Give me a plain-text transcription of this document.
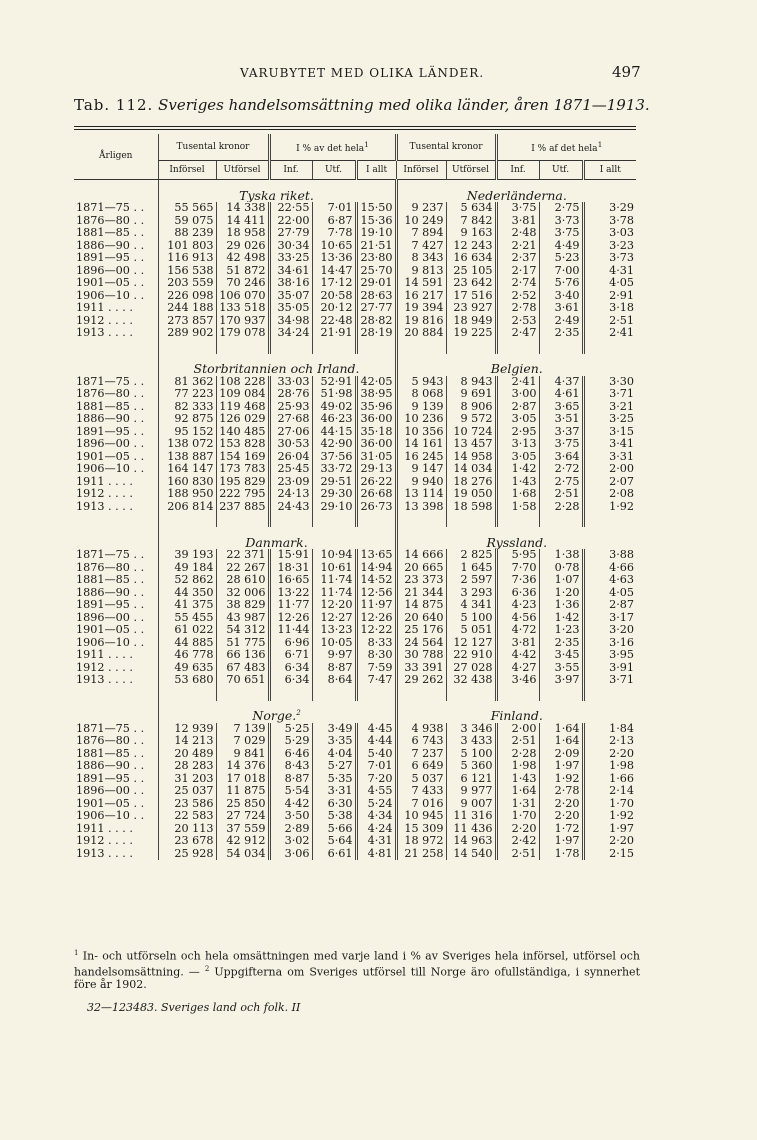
VARUBYTET MED OLIKA LÄNDER.	497
Tab. 112. Sveriges handelsomsättning med olika länder, åren 1871—1913.
Årligen	Tusental kronor		I % av det hela$^1$			Tusental kronor		I % af det hela$^1$
	Införsel	Utförsel	Inf.	Utf.	I allt	Införsel	Utförsel	Inf.	Utf.	I allt
	Tyska riket.					Nederländerna.				
1871—75 . .	55 565	14 338	22·55	7·01	15·50	9 237	5 634	3·75	2·75	3·29
1876—80 . .	59 075	14 411	22·00	6·87	15·36	10 249	7 842	3·81	3·73	3·78
1881—85 . .	88 239	18 958	27·79	7·78	19·10	7 894	9 163	2·48	3·75	3·03
1886—90 . .	101 803	29 026	30·34	10·65	21·51	7 427	12 243	2·21	4·49	3·23
1891—95 . .	116 913	42 498	33·25	13·36	23·80	8 343	16 634	2·37	5·23	3·73
1896—00 . .	156 538	51 872	34·61	14·47	25·70	9 813	25 105	2·17	7·00	4·31
1901—05 . .	203 559	70 246	38·16	17·12	29·01	14 591	23 642	2·74	5·76	4·05
1906—10 . .	226 098	106 070	35·07	20·58	28·63	16 217	17 516	2·52	3·40	2·91
1911 . . . .	244 188	133 518	35·05	20·12	27·77	19 394	23 927	2·78	3·61	3·18
1912 . . . .	273 857	170 937	34·98	22·48	28·82	19 816	18 949	2·53	2·49	2·51
1913 . . . .	289 902	179 078	34·24	21·91	28·19	20 884	19 225	2·47	2·35	2·41

	Storbritannien och Irland.					Belgien.				
1871—75 . .	81 362	108 228	33·03	52·91	42·05	5 943	8 943	2·41	4·37	3·30
1876—80 . .	77 223	109 084	28·76	51·98	38·95	8 068	9 691	3·00	4·61	3·71
1881—85 . .	82 333	119 468	25·93	49·02	35·96	9 139	8 906	2·87	3·65	3·21
1886—90 . .	92 875	126 029	27·68	46·23	36·00	10 236	9 572	3·05	3·51	3·25
1891—95 . .	95 152	140 485	27·06	44·15	35·18	10 356	10 724	2·95	3·37	3·15
1896—00 . .	138 072	153 828	30·53	42·90	36·00	14 161	13 457	3·13	3·75	3·41
1901—05 . .	138 887	154 169	26·04	37·56	31·05	16 245	14 958	3·05	3·64	3·31
1906—10 . .	164 147	173 783	25·45	33·72	29·13	9 147	14 034	1·42	2·72	2·00
1911 . . . .	160 830	195 829	23·09	29·51	26·22	9 940	18 276	1·43	2·75	2·07
1912 . . . .	188 950	222 795	24·13	29·30	26·68	13 114	19 050	1·68	2·51	2·08
1913 . . . .	206 814	237 885	24·43	29·10	26·73	13 398	18 598	1·58	2·28	1·92

	Danmark.					Ryssland.				
1871—75 . .	39 193	22 371	15·91	10·94	13·65	14 666	2 825	5·95	1·38	3·88
1876—80 . .	49 184	22 267	18·31	10·61	14·94	20 665	1 645	7·70	0·78	4·66
1881—85 . .	52 862	28 610	16·65	11·74	14·52	23 373	2 597	7·36	1·07	4·63
1886—90 . .	44 350	32 006	13·22	11·74	12·56	21 344	3 293	6·36	1·20	4·05
1891—95 . .	41 375	38 829	11·77	12·20	11·97	14 875	4 341	4·23	1·36	2·87
1896—00 . .	55 455	43 987	12·26	12·27	12·26	20 640	5 100	4·56	1·42	3·17
1901—05 . .	61 022	54 312	11·44	13·23	12·22	25 176	5 051	4·72	1·23	3·20
1906—10 . .	44 885	51 775	6·96	10·05	8·33	24 564	12 127	3·81	2·35	3·16
1911 . . . .	46 778	66 136	6·71	9·97	8·30	30 788	22 910	4·42	3·45	3·95
1912 . . . .	49 635	67 483	6·34	8·87	7·59	33 391	27 028	4·27	3·55	3·91
1913 . . . .	53 680	70 651	6·34	8·64	7·47	29 262	32 438	3·46	3·97	3·71

	Norge.$^2$					Finland.				
1871—75 . .	12 939	7 139	5·25	3·49	4·45	4 938	3 346	2·00	1·64	1·84
1876—80 . .	14 213	7 029	5·29	3·35	4·44	6 743	3 433	2·51	1·64	2·13
1881—85 . .	20 489	9 841	6·46	4·04	5·40	7 237	5 100	2·28	2·09	2·20
1886—90 . .	28 283	14 376	8·43	5·27	7·01	6 649	5 360	1·98	1·97	1·98
1891—95 . .	31 203	17 018	8·87	5·35	7·20	5 037	6 121	1·43	1·92	1·66
1896—00 . .	25 037	11 875	5·54	3·31	4·55	7 433	9 977	1·64	2·78	2·14
1901—05 . .	23 586	25 850	4·42	6·30	5·24	7 016	9 007	1·31	2·20	1·70
1906—10 . .	22 583	27 724	3·50	5·38	4·34	10 945	11 316	1·70	2·20	1·92
1911 . . . .	20 113	37 559	2·89	5·66	4·24	15 309	11 436	2·20	1·72	1·97
1912 . . . .	23 678	42 912	3·02	5·64	4·31	18 972	14 963	2·42	1·97	2·20
1913 . . . .	25 928	54 034	3·06	6·61	4·81	21 258	14 540	2·51	1·78	2·15
$^1$ In- och utförseln och hela omsättningen med varje land i % av Sveriges hela införsel, utförsel och handelsomsättning. — $^2$ Uppgifterna om Sveriges utförsel till Norge äro ofullständiga, i synnerhet före år 1902.
32—123483. Sveriges land och folk. II
